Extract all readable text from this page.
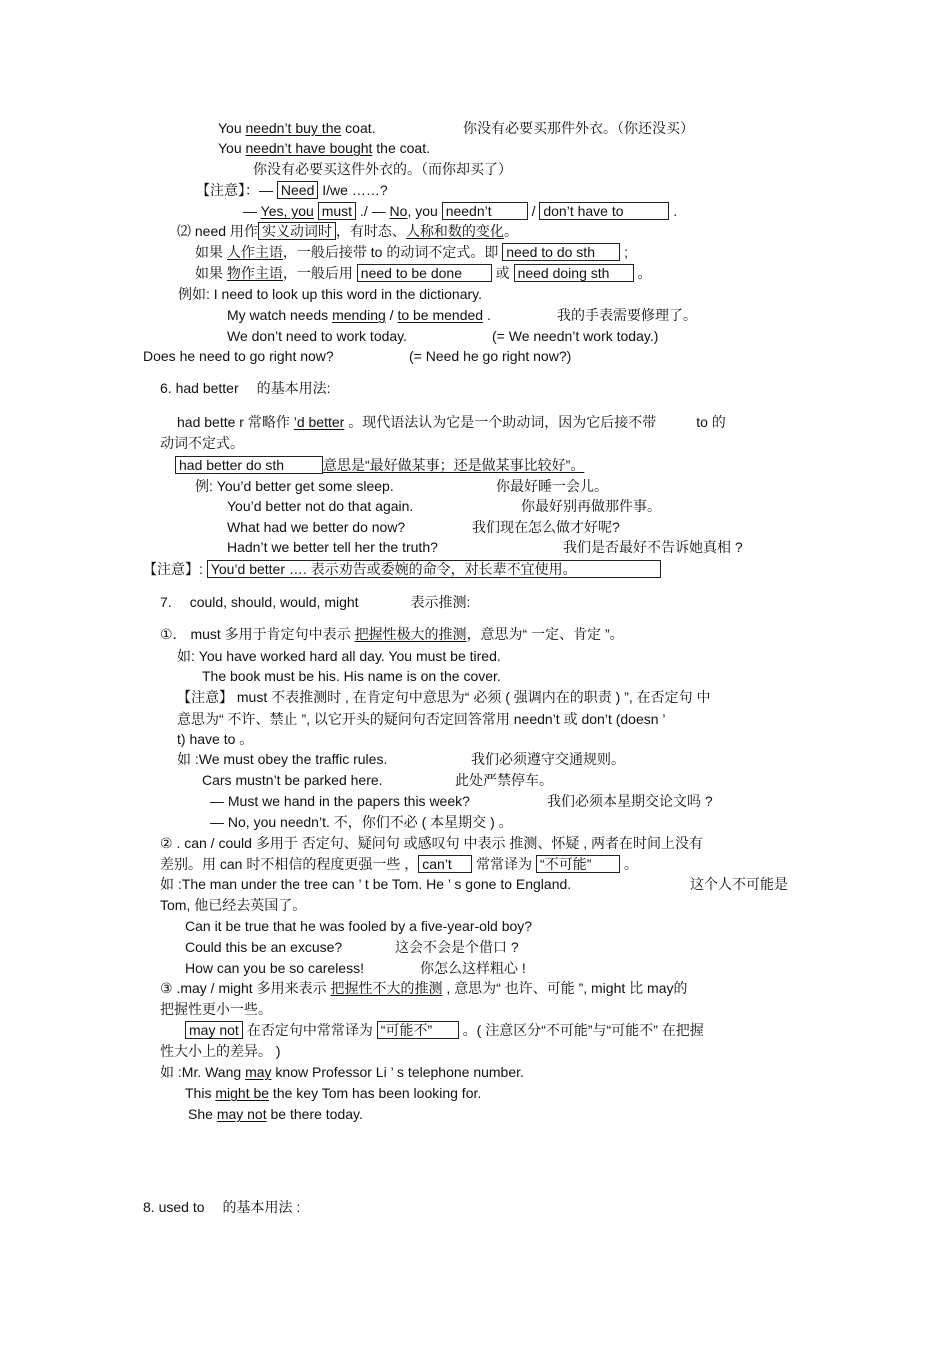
You needn’t buy the coat.	你没有必要买那件外衣。（你还没买）
You needn’t have bought the coat.
你没有必要买这件外衣的。（而你却买了）
【注意】：— Need I/we ……?
— Yes, you must ./ — No, you needn’t	/ don’t have to	.
⑵ need 用作 实义动词时 ，有时态、人称和数的变化。
如果 人作主语，一般后接带 to 的动词不定式。即 need to do sth ;
如果 物作主语，一般后用 need to be done 或 need doing sth 。
例如: I need to look up this word in the dictionary.
My watch needs mending / to be mended .	我的手表需要修理了。
We don’t need to work today.	(= We needn’t work today.)
Does he need to go right now?	(= Need he go right now?)
6. had better 的基本用法:
had bette r 常略作 ’d better 。现代语法认为它是一个助动词，因为它后接不带	to 的
动词不定式。
had better do sth	意思是“最好做某事；还是做某事比较好”。
例: You’d better get some sleep.	你最好睡一会儿。
You’d better not do that again.	你最好别再做那件事。
What had we better do now?	我们现在怎么做才好呢?
Hadn’t we better tell her the truth?	我们是否最好不告诉她真相 ?
【注意】: You’d better …. 表示劝告或委婉的命令，对长辈不宜使用。
7. could, should, would, might	表示推测:
①． must 多用于肯定句中表示 把握性极大的推测，意思为“ 一定、肯定 ”。
如: You have worked hard all day. You must be tired.
The book must be his. His name is on the cover.
【注意】 must 不表推测时 , 在肯定句中意思为“ 必须 ( 强调内在的职责 ) ”, 在否定句 中
意思为“ 不许、禁止 ”, 以它开头的疑问句否定回答常用 needn’t 或 don’t (doesn ’
t) have to 。
如 :We must obey the traffic rules.	我们必须遵守交通规则。
Cars mustn’t be parked here.	此处严禁停车。
— Must we hand in the papers this week?	我们必须本星期交论文吗 ?
— No, you needn’t. 不，你们不必 ( 本星期交 ) 。
② . can / could 多用于 否定句、疑问句 或感叹句 中表示 推测、怀疑 , 两者在时间上没有
差别。用 can 时不相信的程度更强一些 ， can’t 常常译为 “不可能” 。
如 :The man under the tree can ’ t be Tom. He ’ s gone to England.	这个人不可能是
Tom, 他已经去英国了。
Can it be true that he was fooled by a five-year-old boy?
Could this be an excuse?	这会不会是个借口 ?
How can you be so careless!	你怎么这样粗心 !
③ .may / might 多用来表示 把握性不大的推测 , 意思为“ 也许、可能 ”, might 比 may的
把握性更小一些。
may not 在否定句中常常译为 “可能不” 。( 注意区分“不可能”与“可能不” 在把握
性大小上的差异。 )
如 :Mr. Wang may know Professor Li ’ s telephone number.
This might be the key Tom has been looking for.
She may not be there today.
8. used to 的基本用法 :
